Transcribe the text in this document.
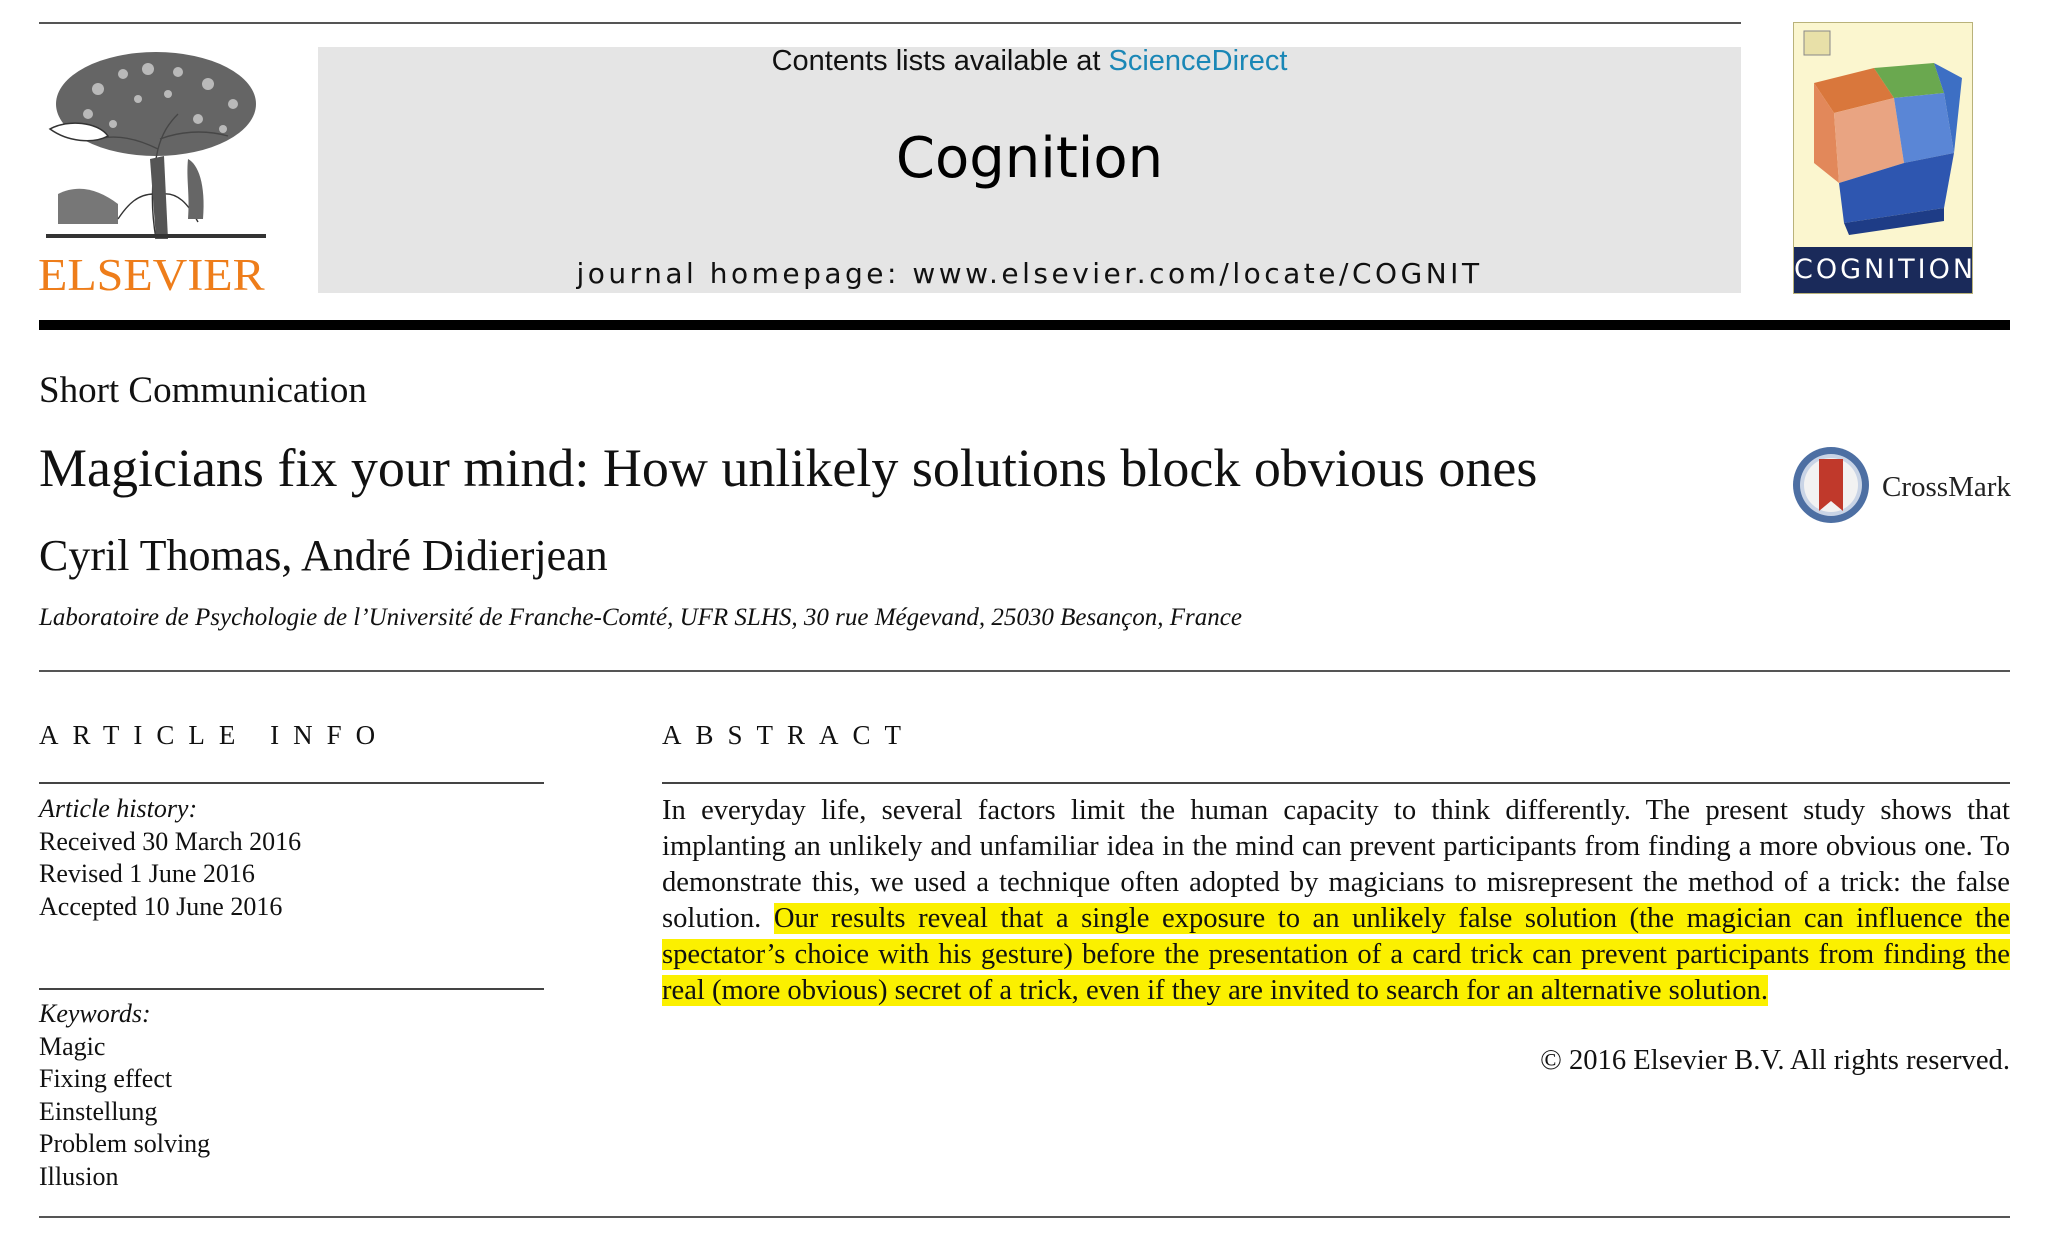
ELSEVIER
Contents lists available at ScienceDirect
Cognition
journal homepage: www.elsevier.com/locate/COGNIT	COGNITION
Short Communication
Magicians fix your mind: How unlikely solutions block obvious ones
Cyril Thomas, André Didierjean
Laboratoire de Psychologie de l’Université de Franche-Comté, UFR SLHS, 30 rue Mégevand, 25030 Besançon, France
CrossMark
ARTICLE INFO	ABSTRACT
Article history:
Received 30 March 2016
Revised 1 June 2016
Accepted 10 June 2016
Keywords:
Magic
Fixing effect
Einstellung
Problem solving
Illusion
In everyday life, several factors limit the human capacity to think differently. The present study shows that implanting an unlikely and unfamiliar idea in the mind can prevent participants from finding a more obvious one. To demonstrate this, we used a technique often adopted by magicians to misrepresent the method of a trick: the false solution. Our results reveal that a single exposure to an unlikely false solution (the magician can influence the spectator’s choice with his gesture) before the presentation of a card trick can prevent participants from finding the real (more obvious) secret of a trick, even if they are invited to search for an alternative solution.
© 2016 Elsevier B.V. All rights reserved.
